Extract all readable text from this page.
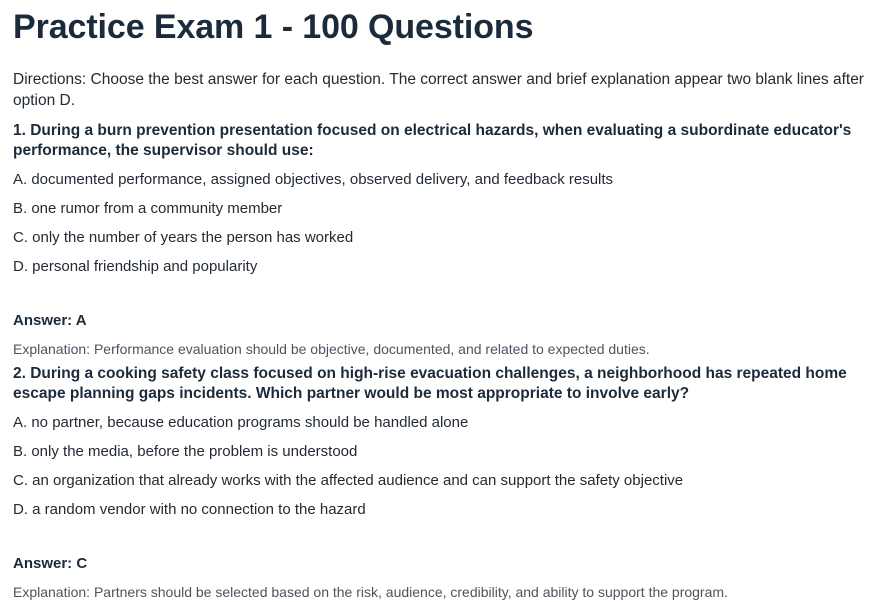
Practice Exam 1 - 100 Questions

Directions: Choose the best answer for each question. The correct answer and brief explanation appear two blank lines after option D.

1. During a burn prevention presentation focused on electrical hazards, when evaluating a subordinate educator's performance, the supervisor should use:

A. documented performance, assigned objectives, observed delivery, and feedback results
B. one rumor from a community member
C. only the number of years the person has worked
D. personal friendship and popularity

Answer: A

Explanation: Performance evaluation should be objective, documented, and related to expected duties.

2. During a cooking safety class focused on high-rise evacuation challenges, a neighborhood has repeated home escape planning gaps incidents. Which partner would be most appropriate to involve early?

A. no partner, because education programs should be handled alone
B. only the media, before the problem is understood
C. an organization that already works with the affected audience and can support the safety objective
D. a random vendor with no connection to the hazard

Answer: C

Explanation: Partners should be selected based on the risk, audience, credibility, and ability to support the program.
